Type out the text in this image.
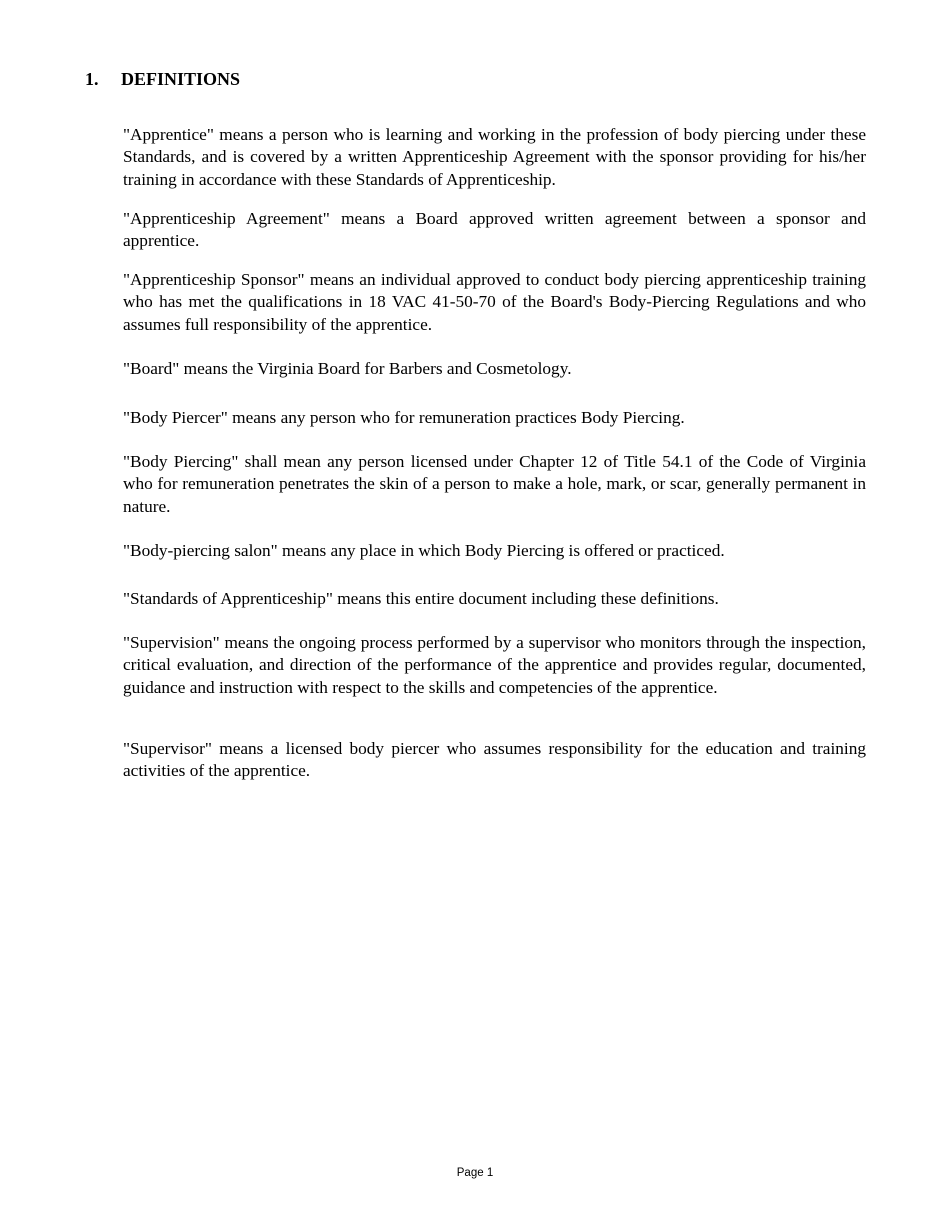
1. DEFINITIONS

"Apprentice" means a person who is learning and working in the profession of body piercing under these Standards, and is covered by a written Apprenticeship Agreement with the sponsor providing for his/her training in accordance with these Standards of Apprenticeship.

"Apprenticeship Agreement" means a Board approved written agreement between a sponsor and apprentice.

"Apprenticeship Sponsor" means an individual approved to conduct body piercing apprenticeship training who has met the qualifications in 18 VAC 41-50-70 of the Board's Body-Piercing Regulations and who assumes full responsibility of the apprentice.

"Board" means the Virginia Board for Barbers and Cosmetology.

"Body Piercer" means any person who for remuneration practices Body Piercing.

"Body Piercing" shall mean any person licensed under Chapter 12 of Title 54.1 of the Code of Virginia who for remuneration penetrates the skin of a person to make a hole, mark, or scar, generally permanent in nature.

"Body-piercing salon" means any place in which Body Piercing is offered or practiced.

"Standards of Apprenticeship" means this entire document including these definitions.

"Supervision" means the ongoing process performed by a supervisor who monitors through the inspection, critical evaluation, and direction of the performance of the apprentice and provides regular, documented, guidance and instruction with respect to the skills and competencies of the apprentice.

"Supervisor" means a licensed body piercer who assumes responsibility for the education and training activities of the apprentice.

Page 1
